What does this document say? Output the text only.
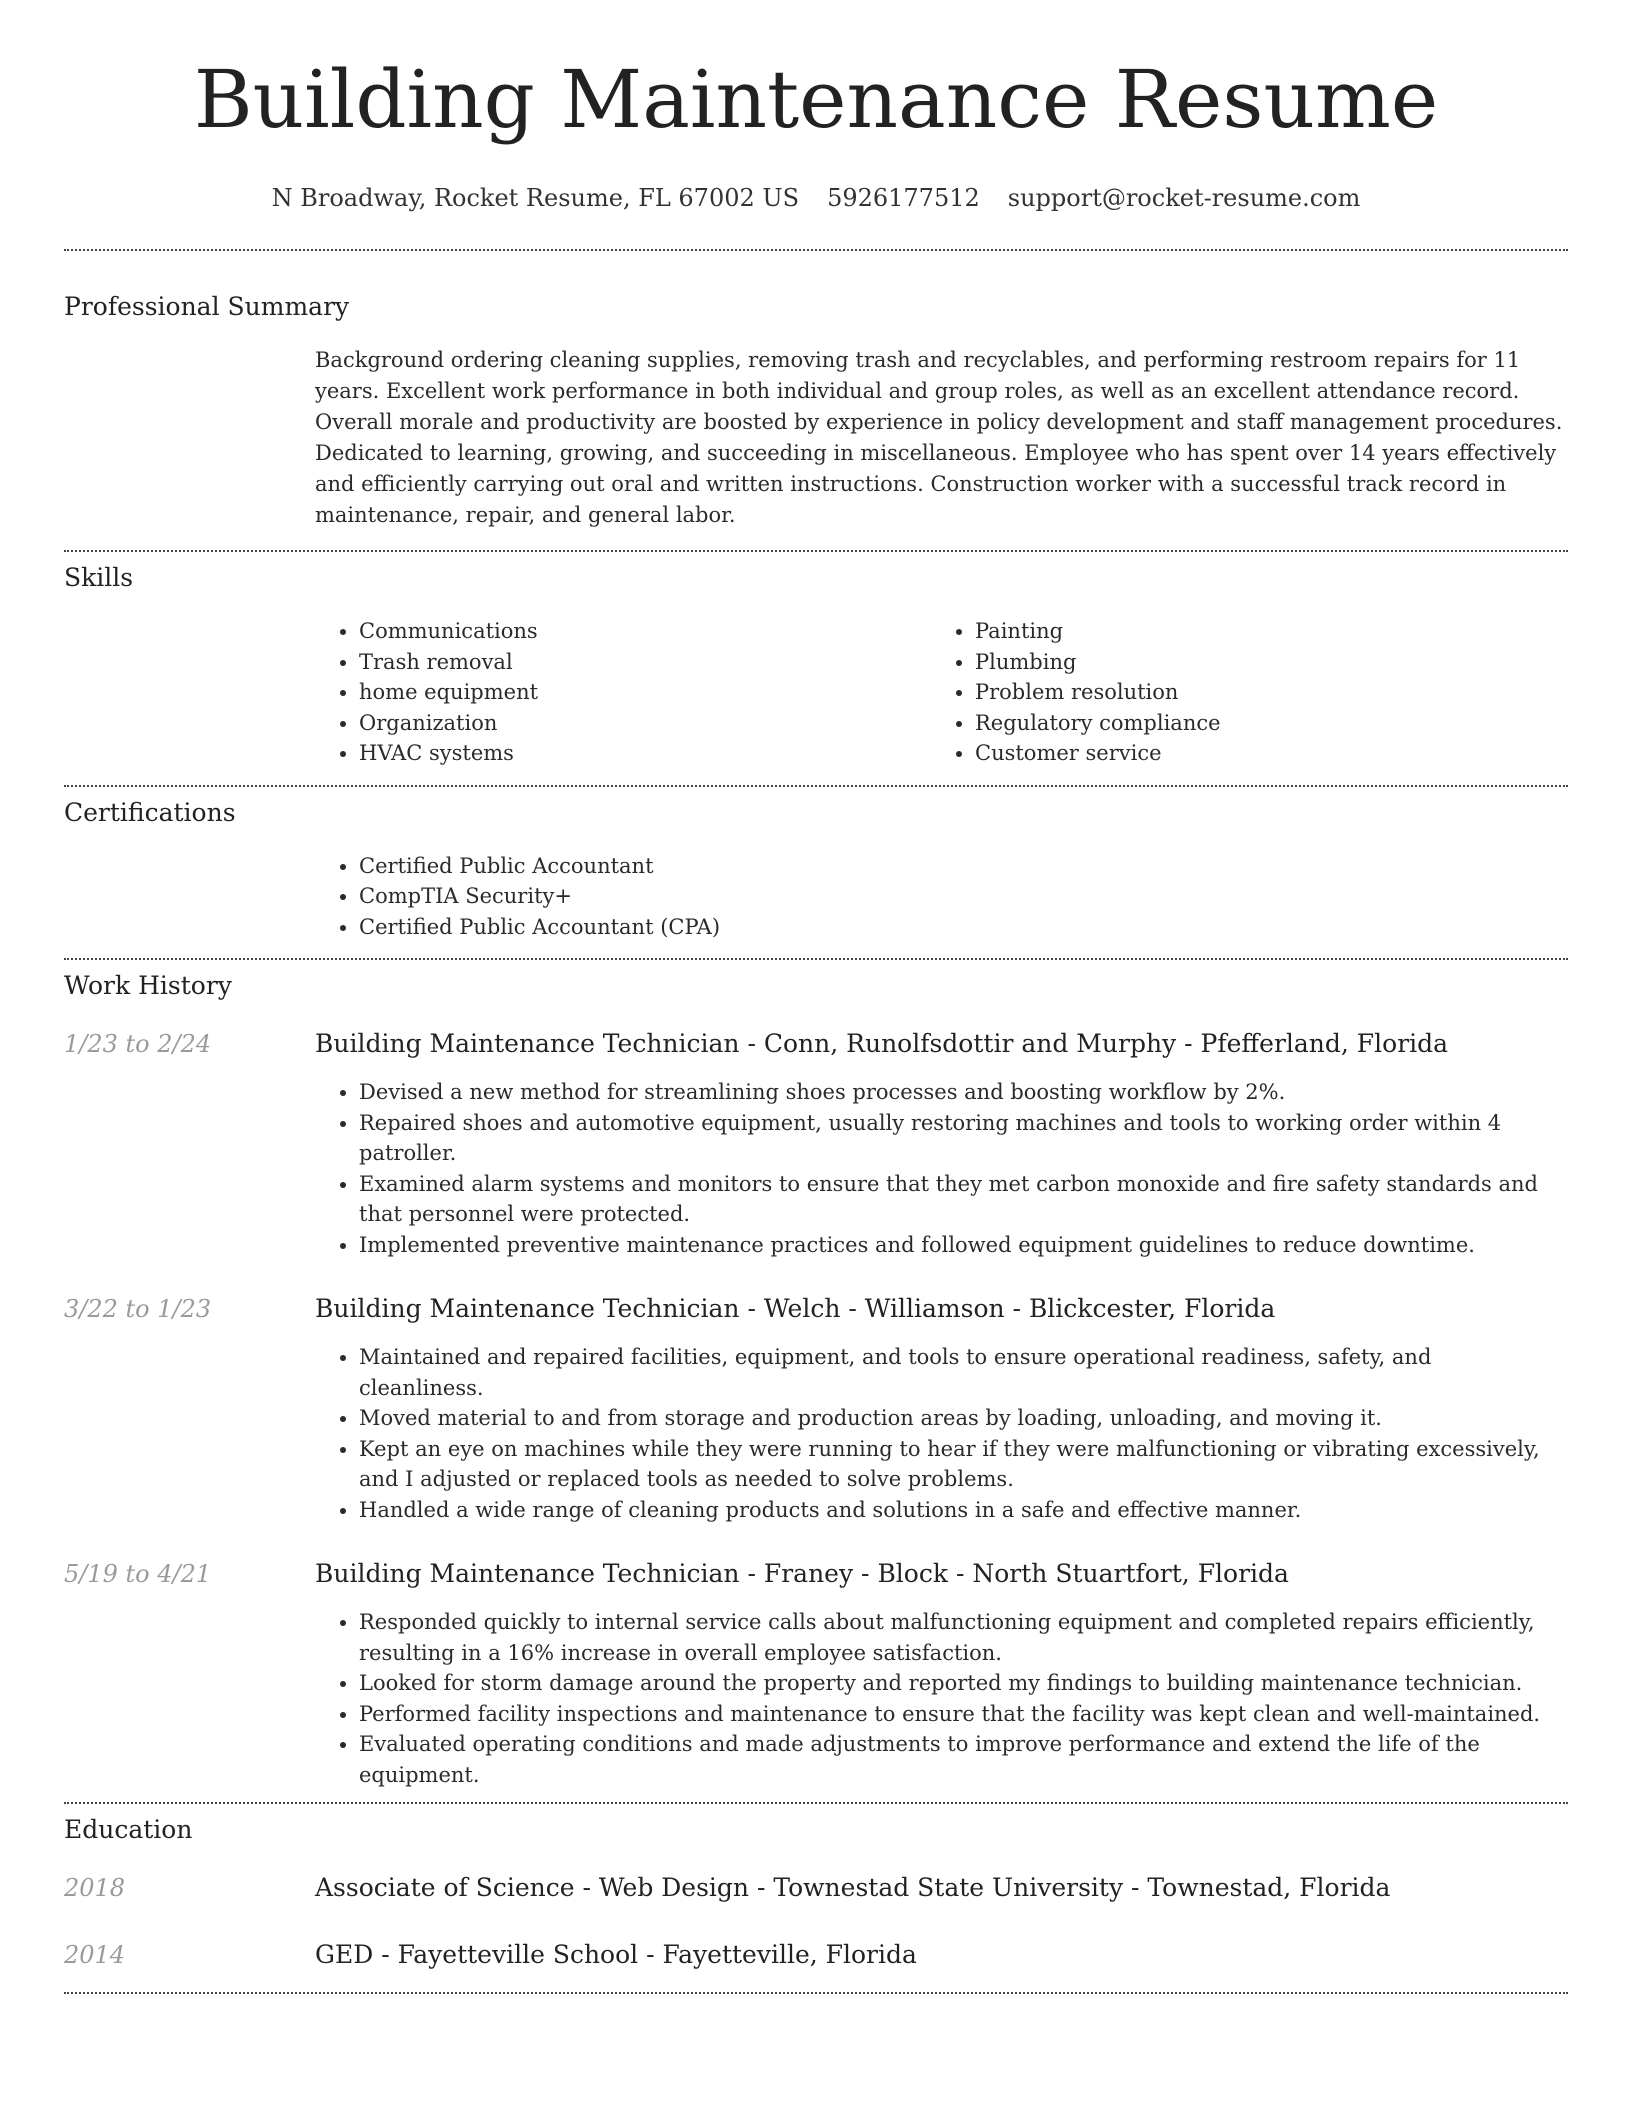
Building Maintenance Resume
N Broadway, Rocket Resume, FL 67002 US 5926177512 support@rocket-resume.com
Professional Summary
Background ordering cleaning supplies, removing trash and recyclables, and performing restroom repairs for 11 years. Excellent work performance in both individual and group roles, as well as an excellent attendance record. Overall morale and productivity are boosted by experience in policy development and staff management procedures. Dedicated to learning, growing, and succeeding in miscellaneous. Employee who has spent over 14 years effectively and efficiently carrying out oral and written instructions. Construction worker with a successful track record in maintenance, repair, and general labor.
Skills
• Communications
• Trash removal
• home equipment
• Organization
• HVAC systems
• Painting
• Plumbing
• Problem resolution
• Regulatory compliance
• Customer service
Certifications
• Certified Public Accountant
• CompTIA Security+
• Certified Public Accountant (CPA)
Work History
1/23 to 2/24	Building Maintenance Technician - Conn, Runolfsdottir and Murphy - Pfefferland, Florida
• Devised a new method for streamlining shoes processes and boosting workflow by 2%.
• Repaired shoes and automotive equipment, usually restoring machines and tools to working order within 4 patroller.
• Examined alarm systems and monitors to ensure that they met carbon monoxide and fire safety standards and that personnel were protected.
• Implemented preventive maintenance practices and followed equipment guidelines to reduce downtime.
3/22 to 1/23	Building Maintenance Technician - Welch - Williamson - Blickcester, Florida
• Maintained and repaired facilities, equipment, and tools to ensure operational readiness, safety, and cleanliness.
• Moved material to and from storage and production areas by loading, unloading, and moving it.
• Kept an eye on machines while they were running to hear if they were malfunctioning or vibrating excessively, and I adjusted or replaced tools as needed to solve problems.
• Handled a wide range of cleaning products and solutions in a safe and effective manner.
5/19 to 4/21	Building Maintenance Technician - Franey - Block - North Stuartfort, Florida
• Responded quickly to internal service calls about malfunctioning equipment and completed repairs efficiently, resulting in a 16% increase in overall employee satisfaction.
• Looked for storm damage around the property and reported my findings to building maintenance technician.
• Performed facility inspections and maintenance to ensure that the facility was kept clean and well-maintained.
• Evaluated operating conditions and made adjustments to improve performance and extend the life of the equipment.
Education
2018	Associate of Science - Web Design - Townestad State University - Townestad, Florida
2014	GED - Fayetteville School - Fayetteville, Florida
